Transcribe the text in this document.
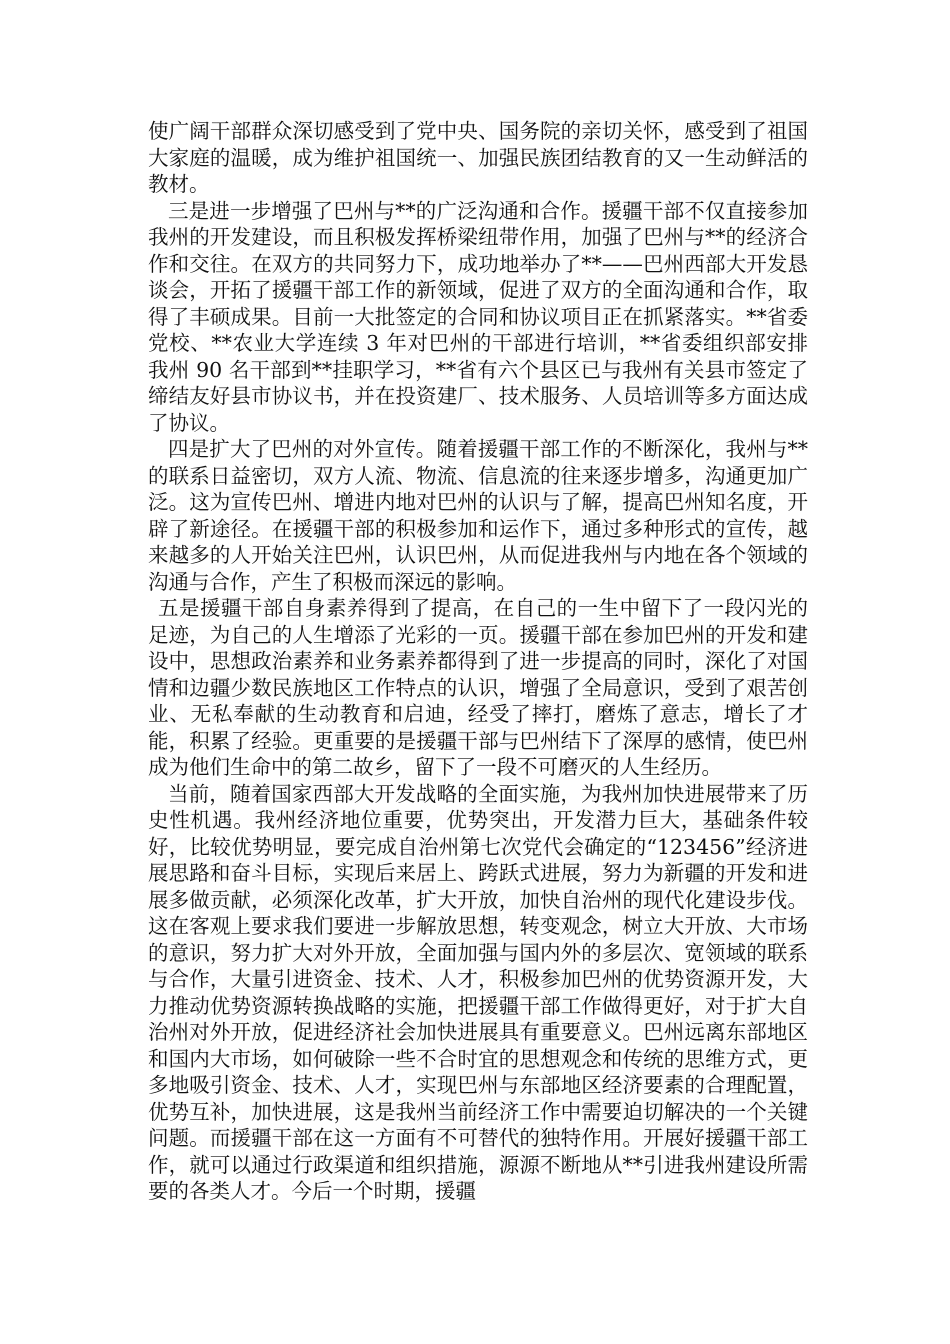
使广阔干部群众深切感受到了党中央、国务院的亲切关怀，感受到了祖国大家庭的温暖，成为维护祖国统一、加强民族团结教育的又一生动鲜活的教材。

三是进一步增强了巴州与**的广泛沟通和合作。援疆干部不仅直接参加我州的开发建设，而且积极发挥桥梁纽带作用，加强了巴州与**的经济合作和交往。在双方的共同努力下，成功地举办了**——巴州西部大开发恳谈会，开拓了援疆干部工作的新领域，促进了双方的全面沟通和合作，取得了丰硕成果。目前一大批签定的合同和协议项目正在抓紧落实。**省委党校、**农业大学连续 3 年对巴州的干部进行培训，**省委组织部安排我州 90 名干部到**挂职学习，**省有六个县区已与我州有关县市签定了缔结友好县市协议书，并在投资建厂、技术服务、人员培训等多方面达成了协议。

四是扩大了巴州的对外宣传。随着援疆干部工作的不断深化，我州与**的联系日益密切，双方人流、物流、信息流的往来逐步增多，沟通更加广泛。这为宣传巴州、增进内地对巴州的认识与了解，提高巴州知名度，开辟了新途径。在援疆干部的积极参加和运作下，通过多种形式的宣传，越来越多的人开始关注巴州，认识巴州，从而促进我州与内地在各个领域的沟通与合作，产生了积极而深远的影响。

五是援疆干部自身素养得到了提高，在自己的一生中留下了一段闪光的足迹，为自己的人生增添了光彩的一页。援疆干部在参加巴州的开发和建设中，思想政治素养和业务素养都得到了进一步提高的同时，深化了对国情和边疆少数民族地区工作特点的认识，增强了全局意识，受到了艰苦创业、无私奉献的生动教育和启迪，经受了摔打，磨炼了意志，增长了才能，积累了经验。更重要的是援疆干部与巴州结下了深厚的感情，使巴州成为他们生命中的第二故乡，留下了一段不可磨灭的人生经历。

当前，随着国家西部大开发战略的全面实施，为我州加快进展带来了历史性机遇。我州经济地位重要，优势突出，开发潜力巨大，基础条件较好，比较优势明显，要完成自治州第七次党代会确定的“123456”经济进展思路和奋斗目标，实现后来居上、跨跃式进展，努力为新疆的开发和进展多做贡献，必须深化改革，扩大开放，加快自治州的现代化建设步伐。这在客观上要求我们要进一步解放思想，转变观念，树立大开放、大市场的意识，努力扩大对外开放，全面加强与国内外的多层次、宽领域的联系与合作，大量引进资金、技术、人才，积极参加巴州的优势资源开发，大力推动优势资源转换战略的实施，把援疆干部工作做得更好，对于扩大自治州对外开放，促进经济社会加快进展具有重要意义。巴州远离东部地区和国内大市场，如何破除一些不合时宜的思想观念和传统的思维方式，更多地吸引资金、技术、人才，实现巴州与东部地区经济要素的合理配置，优势互补，加快进展，这是我州当前经济工作中需要迫切解决的一个关键问题。而援疆干部在这一方面有不可替代的独特作用。开展好援疆干部工作，就可以通过行政渠道和组织措施，源源不断地从**引进我州建设所需要的各类人才。今后一个时期，援疆
